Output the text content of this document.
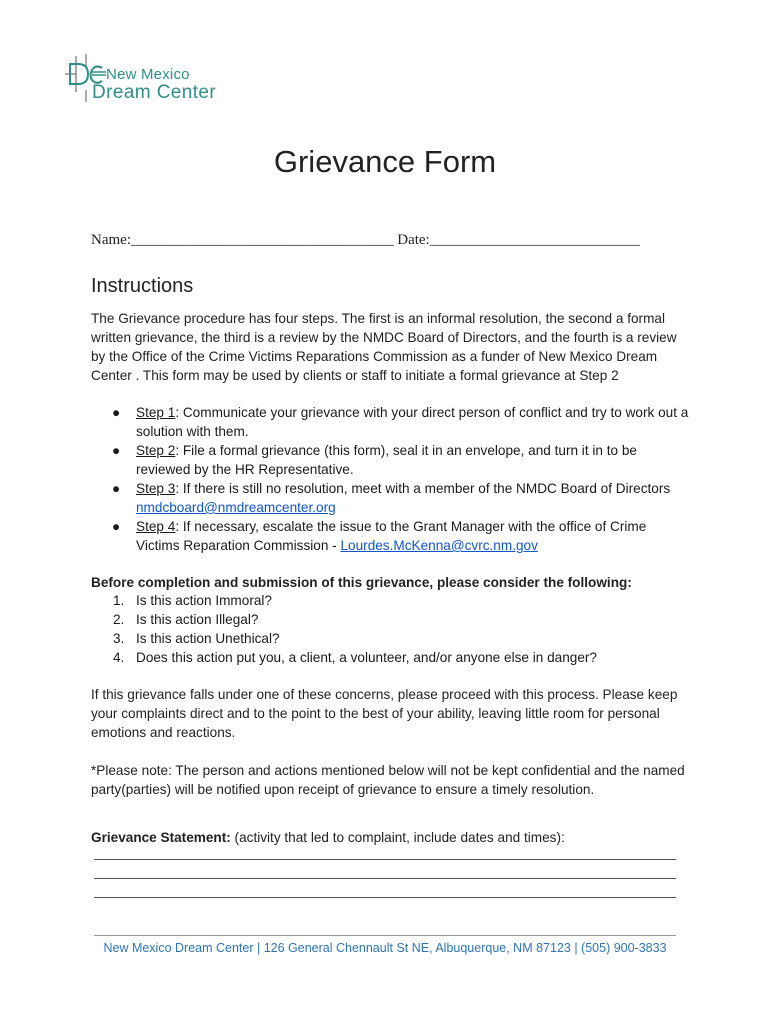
New Mexico
Dream Center
Grievance Form
Name:___________________________________ Date:____________________________
Instructions

The Grievance procedure has four steps. The first is an informal resolution, the second a formal written grievance, the third is a review by the NMDC Board of Directors, and the fourth is a review by the Office of the Crime Victims Reparations Commission as a funder of New Mexico Dream Center . This form may be used by clients or staff to initiate a formal grievance at Step 2

● Step 1: Communicate your grievance with your direct person of conflict and try to work out a solution with them.
● Step 2: File a formal grievance (this form), seal it in an envelope, and turn it in to be reviewed by the HR Representative.
● Step 3: If there is still no resolution, meet with a member of the NMDC Board of Directors
nmdcboard@nmdreamcenter.org
● Step 4: If necessary, escalate the issue to the Grant Manager with the office of Crime Victims Reparation Commission - Lourdes.McKenna@cvrc.nm.gov

Before completion and submission of this grievance, please consider the following:

1. Is this action Immoral?
2. Is this action Illegal?
3. Is this action Unethical?
4. Does this action put you, a client, a volunteer, and/or anyone else in danger?

If this grievance falls under one of these concerns, please proceed with this process. Please keep your complaints direct and to the point to the best of your ability, leaving little room for personal emotions and reactions.

*Please note: The person and actions mentioned below will not be kept confidential and the named party(parties) will be notified upon receipt of grievance to ensure a timely resolution.

Grievance Statement: (activity that led to complaint, include dates and times):

New Mexico Dream Center | 126 General Chennault St NE, Albuquerque, NM 87123 | (505) 900-3833
